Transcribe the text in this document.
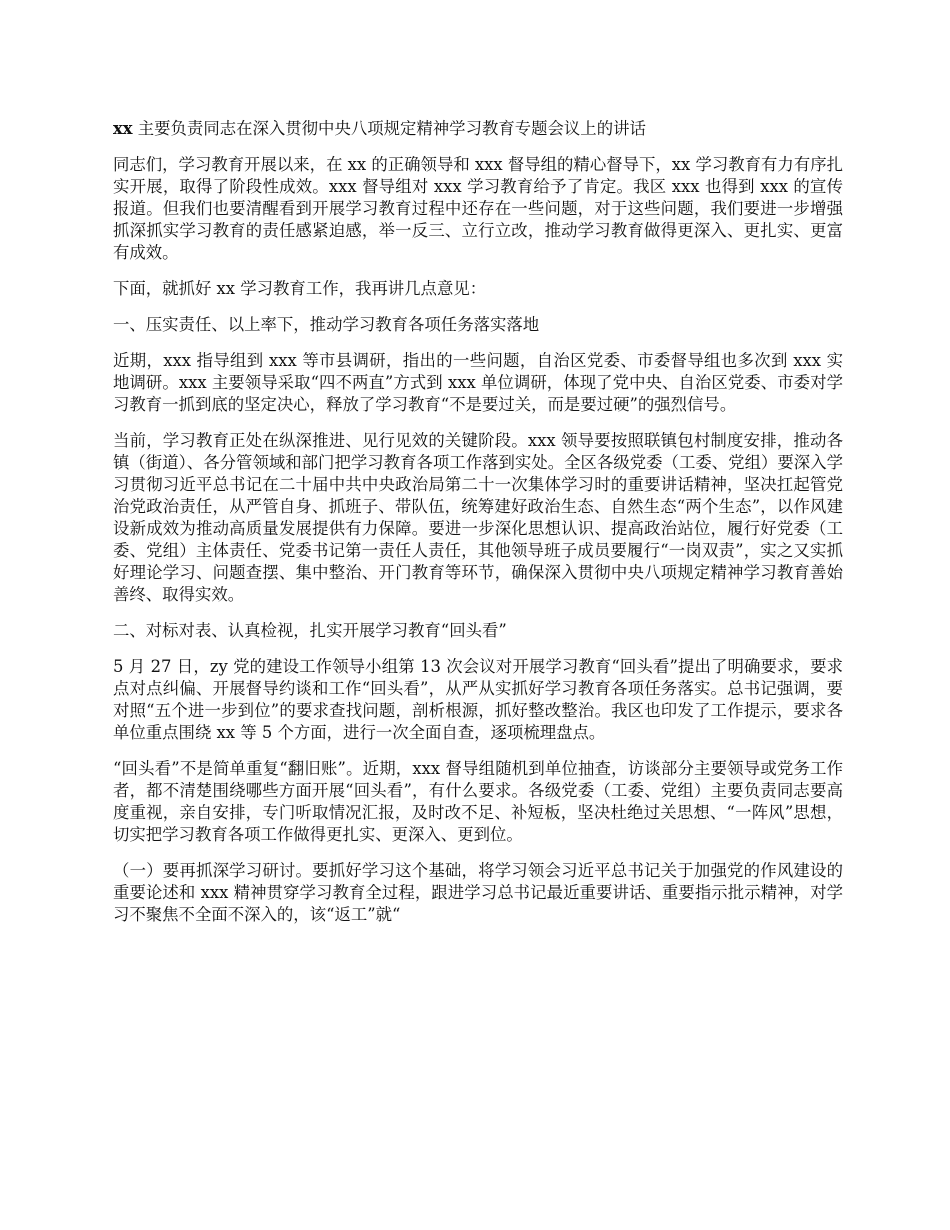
xx 主要负责同志在深入贯彻中央八项规定精神学习教育专题会议上的讲话

同志们，学习教育开展以来，在 xx 的正确领导和 xxx 督导组的精心督导下，xx 学习教育有力有序扎实开展，取得了阶段性成效。xxx 督导组对 xxx 学习教育给予了肯定。我区 xxx 也得到 xxx 的宣传报道。但我们也要清醒看到开展学习教育过程中还存在一些问题，对于这些问题，我们要进一步增强抓深抓实学习教育的责任感紧迫感，举一反三、立行立改，推动学习教育做得更深入、更扎实、更富有成效。

下面，就抓好 xx 学习教育工作，我再讲几点意见：

一、压实责任、以上率下，推动学习教育各项任务落实落地

近期，xxx 指导组到 xxx 等市县调研，指出的一些问题，自治区党委、市委督导组也多次到 xxx 实地调研。xxx 主要领导采取“四不两直”方式到 xxx 单位调研，体现了党中央、自治区党委、市委对学习教育一抓到底的坚定决心，释放了学习教育“不是要过关，而是要过硬”的强烈信号。

当前，学习教育正处在纵深推进、见行见效的关键阶段。xxx 领导要按照联镇包村制度安排，推动各镇（街道）、各分管领域和部门把学习教育各项工作落到实处。全区各级党委（工委、党组）要深入学习贯彻习近平总书记在二十届中共中央政治局第二十一次集体学习时的重要讲话精神，坚决扛起管党治党政治责任，从严管自身、抓班子、带队伍，统筹建好政治生态、自然生态“两个生态”，以作风建设新成效为推动高质量发展提供有力保障。要进一步深化思想认识、提高政治站位，履行好党委（工委、党组）主体责任、党委书记第一责任人责任，其他领导班子成员要履行“一岗双责”，实之又实抓好理论学习、问题查摆、集中整治、开门教育等环节，确保深入贯彻中央八项规定精神学习教育善始善终、取得实效。

二、对标对表、认真检视，扎实开展学习教育“回头看”

5 月 27 日，zy 党的建设工作领导小组第 13 次会议对开展学习教育“回头看”提出了明确要求，要求点对点纠偏、开展督导约谈和工作“回头看”，从严从实抓好学习教育各项任务落实。总书记强调，要对照“五个进一步到位”的要求查找问题，剖析根源，抓好整改整治。我区也印发了工作提示，要求各单位重点围绕 xx 等 5 个方面，进行一次全面自查，逐项梳理盘点。

“回头看”不是简单重复“翻旧账”。近期，xxx 督导组随机到单位抽查，访谈部分主要领导或党务工作者，都不清楚围绕哪些方面开展“回头看”，有什么要求。各级党委（工委、党组）主要负责同志要高度重视，亲自安排，专门听取情况汇报，及时改不足、补短板，坚决杜绝过关思想、“一阵风”思想，切实把学习教育各项工作做得更扎实、更深入、更到位。

（一）要再抓深学习研讨。要抓好学习这个基础，将学习领会习近平总书记关于加强党的作风建设的重要论述和 xxx 精神贯穿学习教育全过程，跟进学习总书记最近重要讲话、重要指示批示精神，对学习不聚焦不全面不深入的，该“返工”就“
